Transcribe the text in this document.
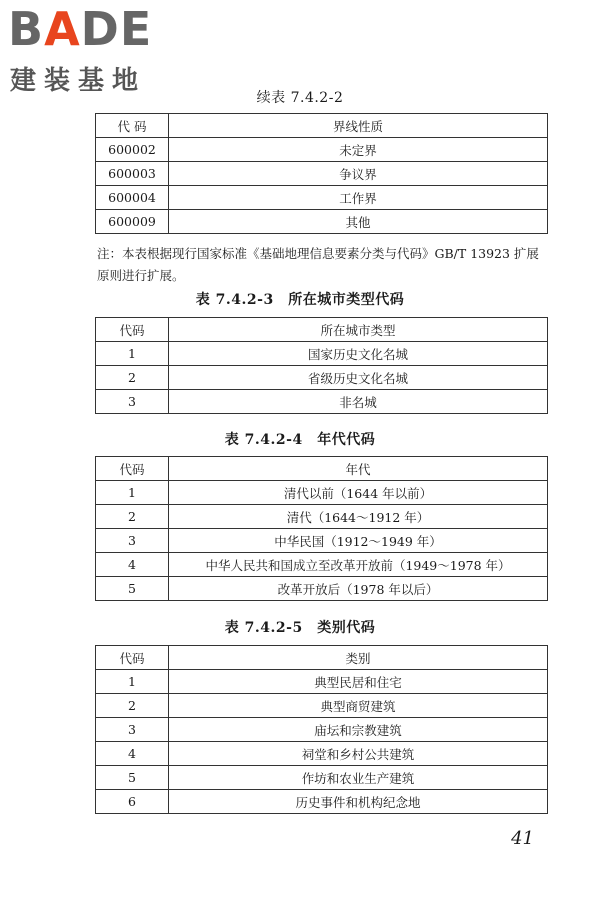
BADE
建装基地
续表 7.4.2-2
代 码	界线性质
600002	未定界
600003	争议界
600004	工作界
600009	其他
注：本表根据现行国家标准《基础地理信息要素分类与代码》GB/T 13923 扩展原则进行扩展。
表 7.4.2-3　所在城市类型代码
代码	所在城市类型
1	国家历史文化名城
2	省级历史文化名城
3	非名城
表 7.4.2-4　年代代码
代码	年代
1	清代以前（1644 年以前）
2	清代（1644～1912 年）
3	中华民国（1912～1949 年）
4	中华人民共和国成立至改革开放前（1949～1978 年）
5	改革开放后（1978 年以后）
表 7.4.2-5　类别代码
代码	类别
1	典型民居和住宅
2	典型商贸建筑
3	庙坛和宗教建筑
4	祠堂和乡村公共建筑
5	作坊和农业生产建筑
6	历史事件和机构纪念地
41
